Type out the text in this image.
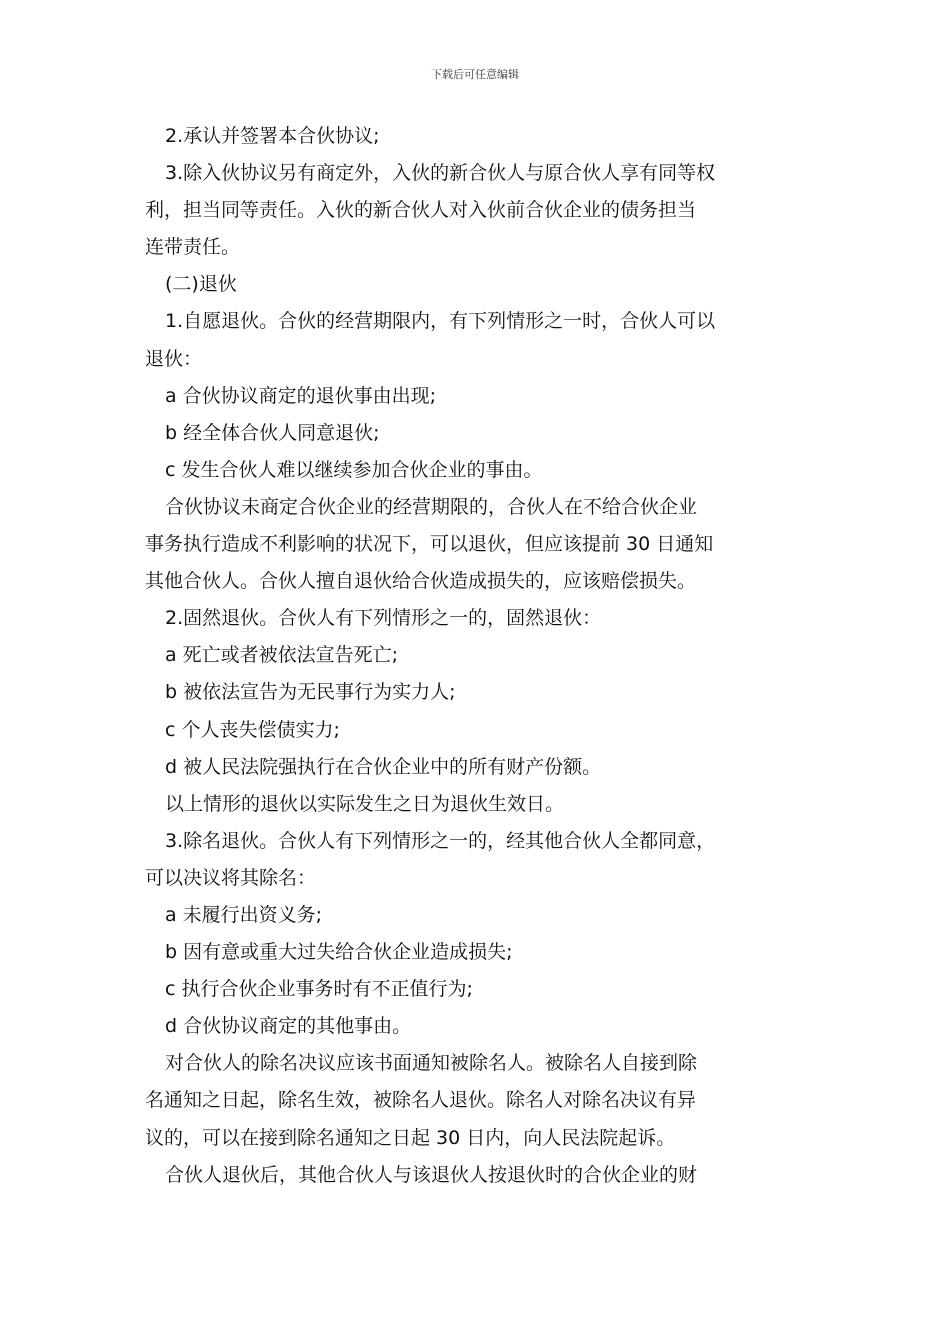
下载后可任意编辑
2.承认并签署本合伙协议;
3.除入伙协议另有商定外，入伙的新合伙人与原合伙人享有同等权
利，担当同等责任。入伙的新合伙人对入伙前合伙企业的债务担当
连带责任。
(二)退伙
1.自愿退伙。合伙的经营期限内，有下列情形之一时，合伙人可以
退伙：
a 合伙协议商定的退伙事由出现;
b 经全体合伙人同意退伙;
c 发生合伙人难以继续参加合伙企业的事由。
合伙协议未商定合伙企业的经营期限的，合伙人在不给合伙企业
事务执行造成不利影响的状况下，可以退伙，但应该提前 30 日通知
其他合伙人。合伙人擅自退伙给合伙造成损失的，应该赔偿损失。
2.固然退伙。合伙人有下列情形之一的，固然退伙：
a 死亡或者被依法宣告死亡;
b 被依法宣告为无民事行为实力人;
c 个人丧失偿债实力;
d 被人民法院强执行在合伙企业中的所有财产份额。
以上情形的退伙以实际发生之日为退伙生效日。
3.除名退伙。合伙人有下列情形之一的，经其他合伙人全都同意，
可以决议将其除名：
a 未履行出资义务;
b 因有意或重大过失给合伙企业造成损失;
c 执行合伙企业事务时有不正值行为;
d 合伙协议商定的其他事由。
对合伙人的除名决议应该书面通知被除名人。被除名人自接到除
名通知之日起，除名生效，被除名人退伙。除名人对除名决议有异
议的，可以在接到除名通知之日起 30 日内，向人民法院起诉。
合伙人退伙后，其他合伙人与该退伙人按退伙时的合伙企业的财
